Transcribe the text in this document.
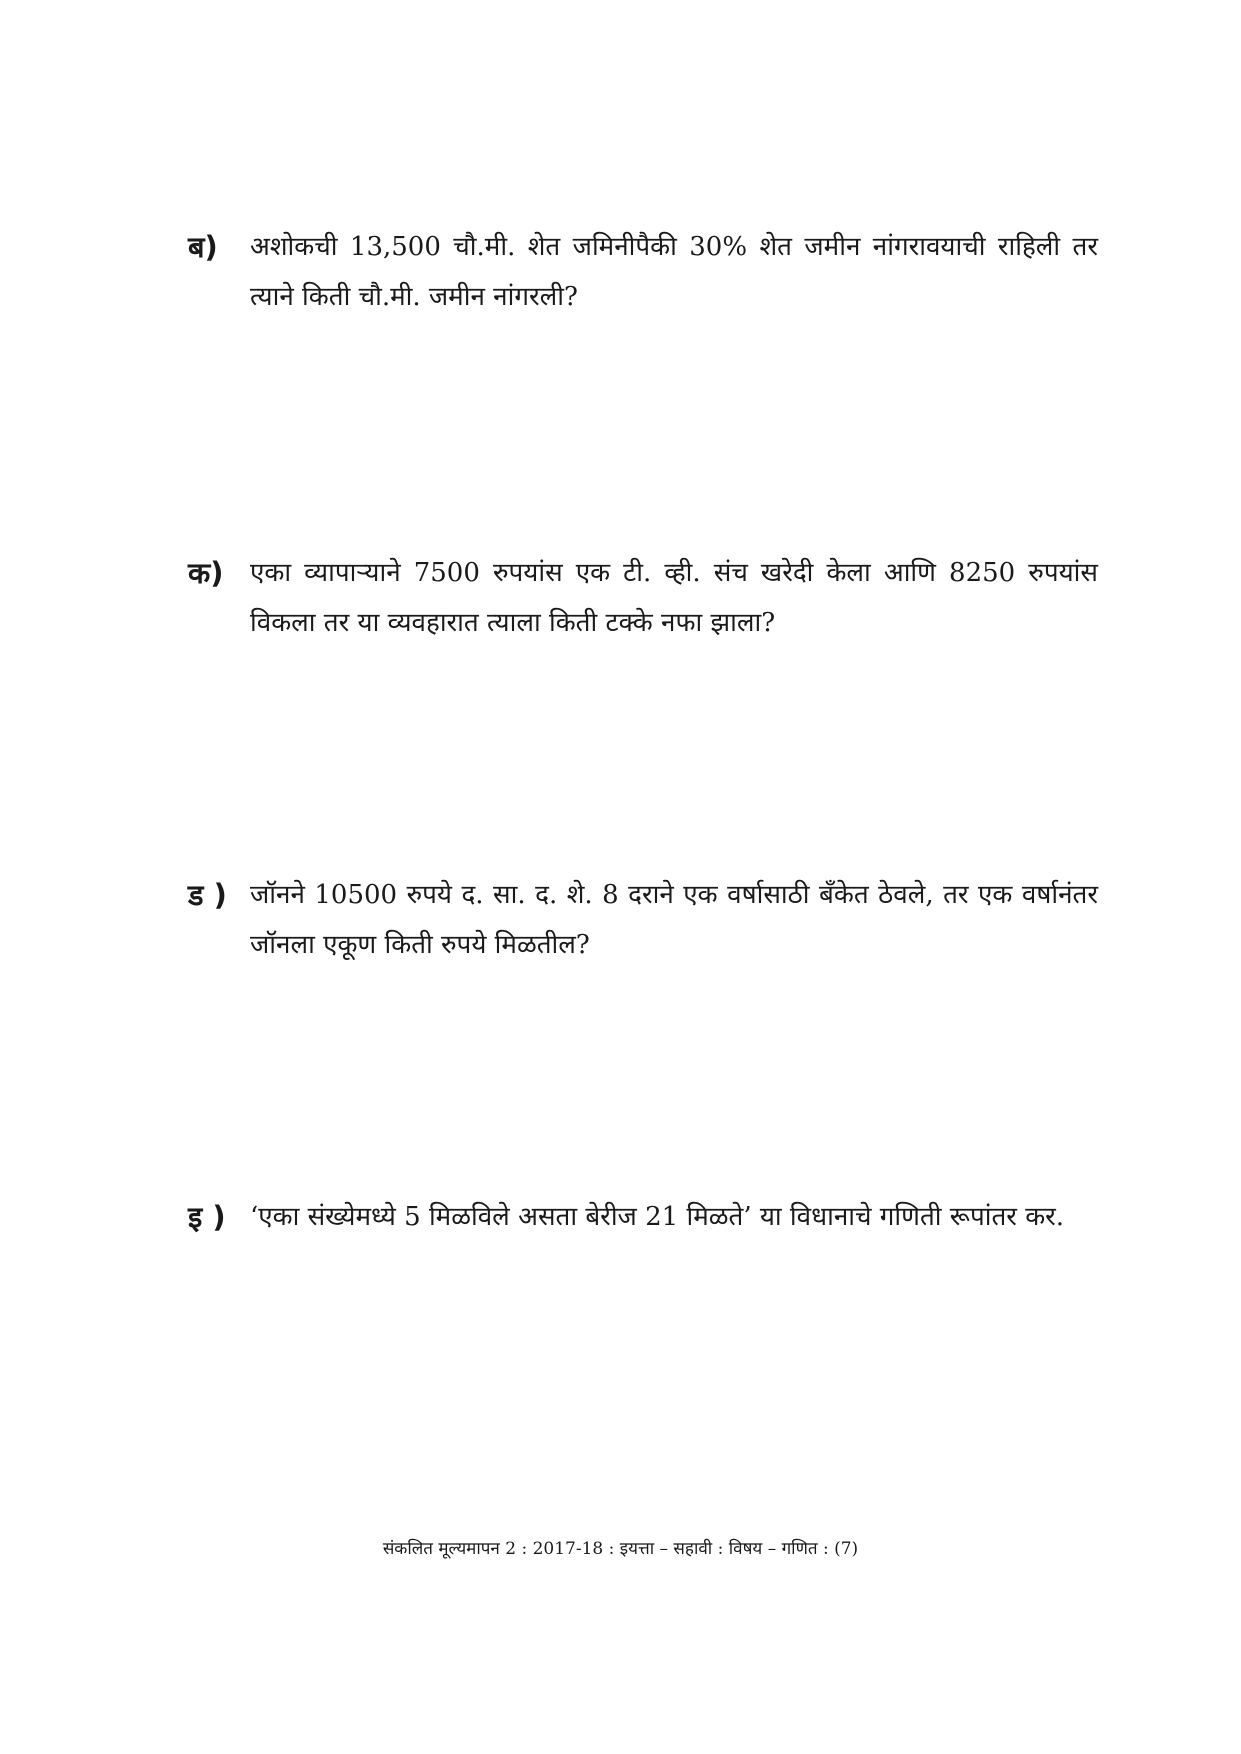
ब)	अशोकची 13,500 चौ.मी. शेत जमिनीपैकी 30% शेत जमीन नांगरावयाची राहिली तर त्याने किती चौ.मी. जमीन नांगरली?
क)	एका व्यापाऱ्याने 7500 रुपयांस एक टी. व्ही. संच खरेदी केला आणि 8250 रुपयांस विकला तर या व्यवहारात त्याला किती टक्के नफा झाला?
ड ) जॉनने 10500 रुपये द. सा. द. शे. 8 दराने एक वर्षासाठी बँकेत ठेवले, तर एक वर्षानंतर जॉनला एकूण किती रुपये मिळतील?
इ ) ‘एका संख्येमध्ये 5 मिळविले असता बेरीज 21 मिळते’ या विधानाचे गणिती रूपांतर कर.
संकलित मूल्यमापन 2 : 2017-18 : इयत्ता – सहावी : विषय – गणित : (7)
